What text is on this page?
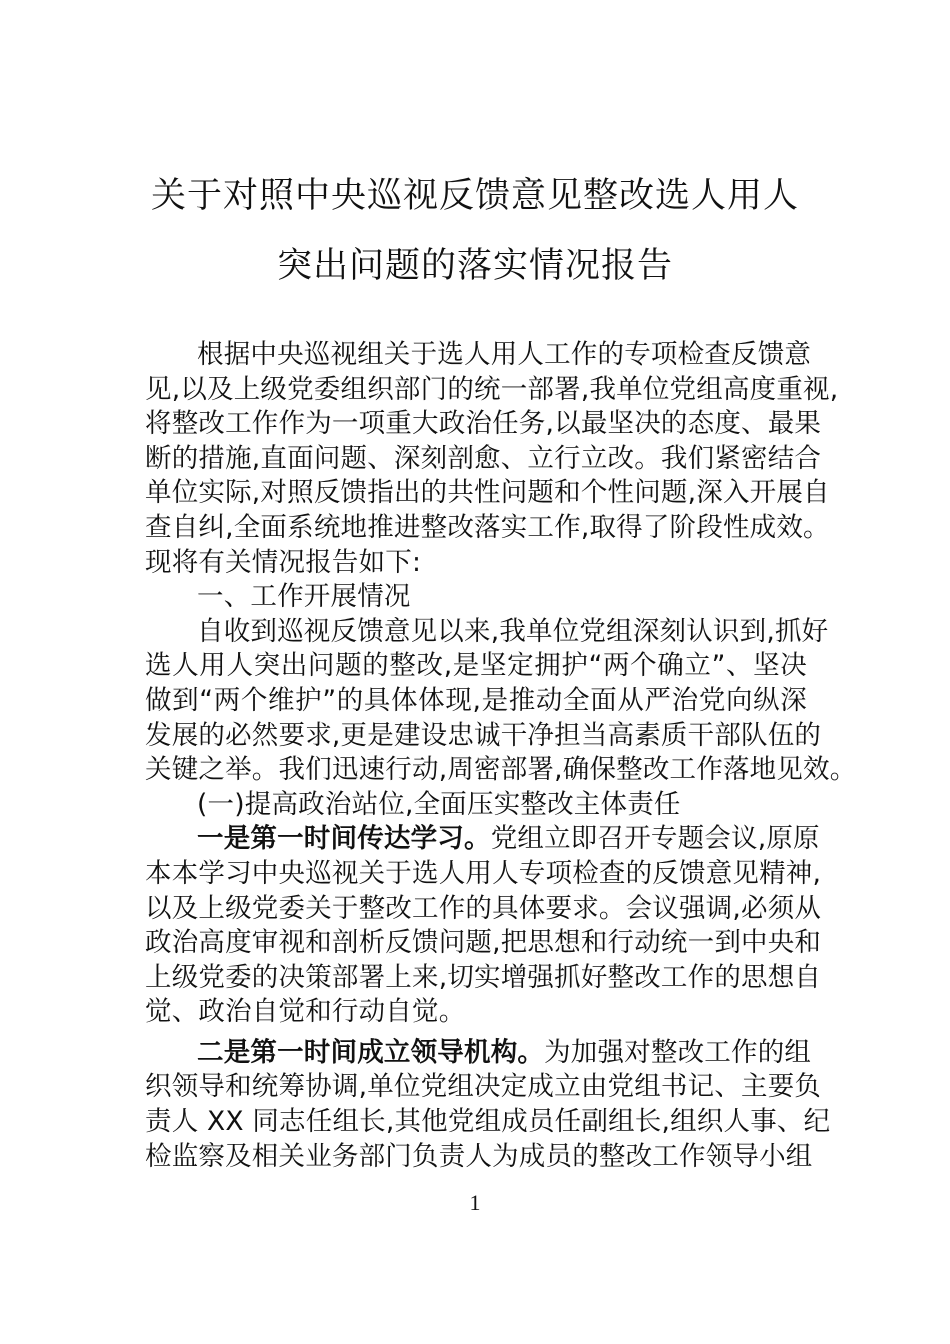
关于对照中央巡视反馈意见整改选人用人
突出问题的落实情况报告
根据中央巡视组关于选人用人工作的专项检查反馈意
见,以及上级党委组织部门的统一部署,我单位党组高度重视,
将整改工作作为一项重大政治任务,以最坚决的态度、最果
断的措施,直面问题、深刻剖愈、立行立改。我们紧密结合
单位实际,对照反馈指出的共性问题和个性问题,深入开展自
查自纠,全面系统地推进整改落实工作,取得了阶段性成效。
现将有关情况报告如下:
一、工作开展情况
自收到巡视反馈意见以来,我单位党组深刻认识到,抓好
选人用人突出问题的整改,是坚定拥护“两个确立”、坚决
做到“两个维护”的具体体现,是推动全面从严治党向纵深
发展的必然要求,更是建设忠诚干净担当高素质干部队伍的
关键之举。我们迅速行动,周密部署,确保整改工作落地见效。
(一)提高政治站位,全面压实整改主体责任
一是第一时间传达学习。党组立即召开专题会议,原原
本本学习中央巡视关于选人用人专项检查的反馈意见精神,
以及上级党委关于整改工作的具体要求。会议强调,必须从
政治高度审视和剖析反馈问题,把思想和行动统一到中央和
上级党委的决策部署上来,切实增强抓好整改工作的思想自
觉、政治自觉和行动自觉。
二是第一时间成立领导机构。为加强对整改工作的组
织领导和统筹协调,单位党组决定成立由党组书记、主要负
责人 XX 同志任组长,其他党组成员任副组长,组织人事、纪
检监察及相关业务部门负责人为成员的整改工作领导小组
1
